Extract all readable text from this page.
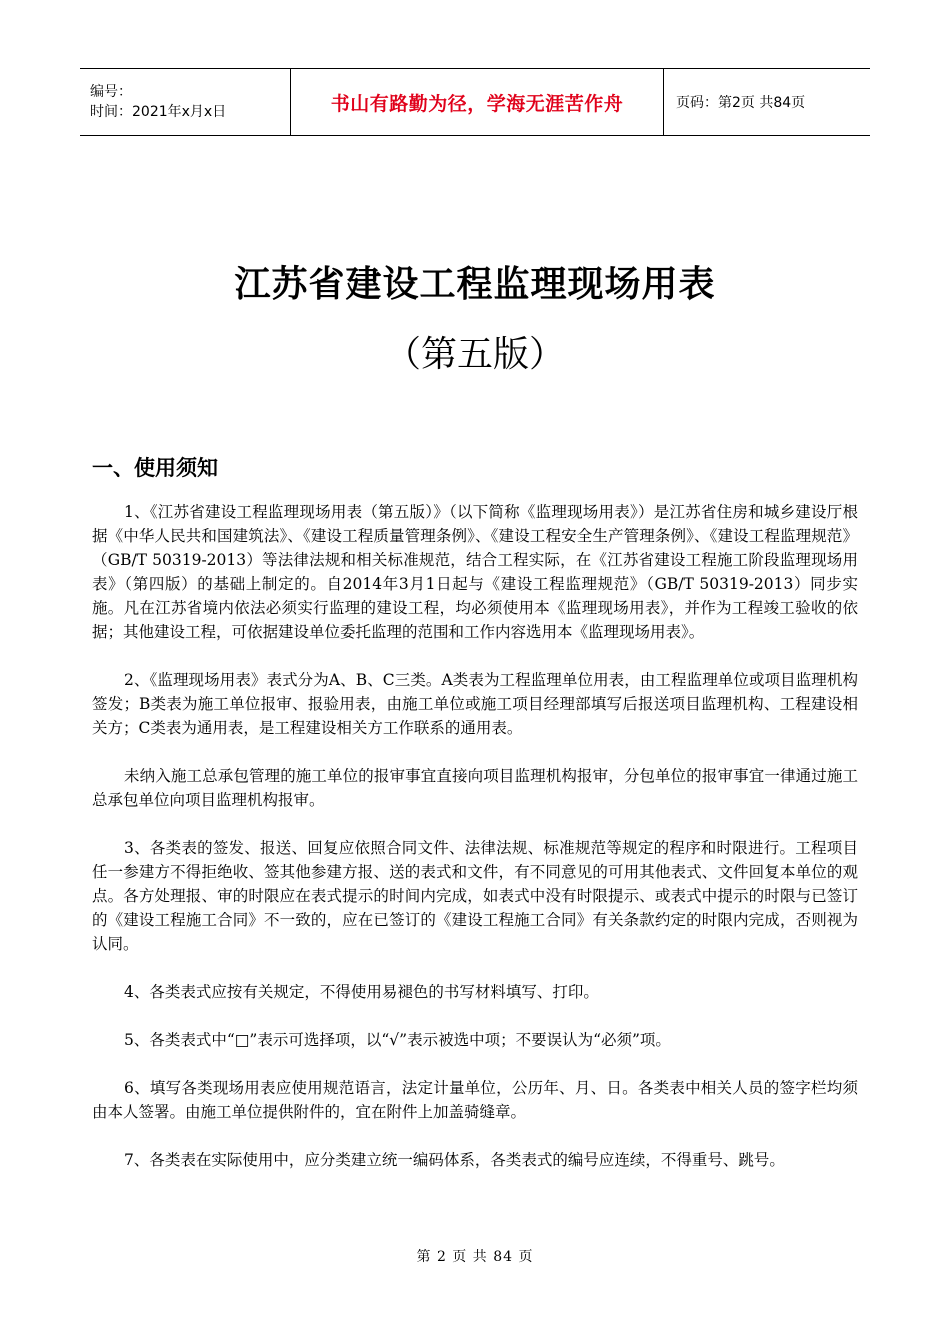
编号：
时间：2021年x月x日	书山有路勤为径，学海无涯苦作舟	页码：第2页 共84页
江苏省建设工程监理现场用表
（第五版）
一、使用须知

1、《江苏省建设工程监理现场用表（第五版）》（以下简称《监理现场用表》）是江苏省住房和城乡建设厅根据《中华人民共和国建筑法》、《建设工程质量管理条例》、《建设工程安全生产管理条例》、《建设工程监理规范》（GB/T 50319-2013）等法律法规和相关标准规范，结合工程实际，在《江苏省建设工程施工阶段监理现场用表》（第四版）的基础上制定的。自2014年3月1日起与《建设工程监理规范》（GB/T 50319-2013）同步实施。凡在江苏省境内依法必须实行监理的建设工程，均必须使用本《监理现场用表》，并作为工程竣工验收的依据；其他建设工程，可依据建设单位委托监理的范围和工作内容选用本《监理现场用表》。

2、《监理现场用表》表式分为A、B、C三类。A类表为工程监理单位用表，由工程监理单位或项目监理机构签发；B类表为施工单位报审、报验用表，由施工单位或施工项目经理部填写后报送项目监理机构、工程建设相关方；C类表为通用表，是工程建设相关方工作联系的通用表。

未纳入施工总承包管理的施工单位的报审事宜直接向项目监理机构报审，分包单位的报审事宜一律通过施工总承包单位向项目监理机构报审。

3、各类表的签发、报送、回复应依照合同文件、法律法规、标准规范等规定的程序和时限进行。工程项目任一参建方不得拒绝收、签其他参建方报、送的表式和文件，有不同意见的可用其他表式、文件回复本单位的观点。各方处理报、审的时限应在表式提示的时间内完成，如表式中没有时限提示、或表式中提示的时限与已签订的《建设工程施工合同》不一致的，应在已签订的《建设工程施工合同》有关条款约定的时限内完成，否则视为认同。

4、各类表式应按有关规定，不得使用易褪色的书写材料填写、打印。

5、各类表式中“□”表示可选择项，以“√”表示被选中项；不要误认为“必须”项。

6、填写各类现场用表应使用规范语言，法定计量单位，公历年、月、日。各类表中相关人员的签字栏均须由本人签署。由施工单位提供附件的，宜在附件上加盖骑缝章。

7、各类表在实际使用中，应分类建立统一编码体系，各类表式的编号应连续，不得重号、跳号。

第 2 页 共 84 页
